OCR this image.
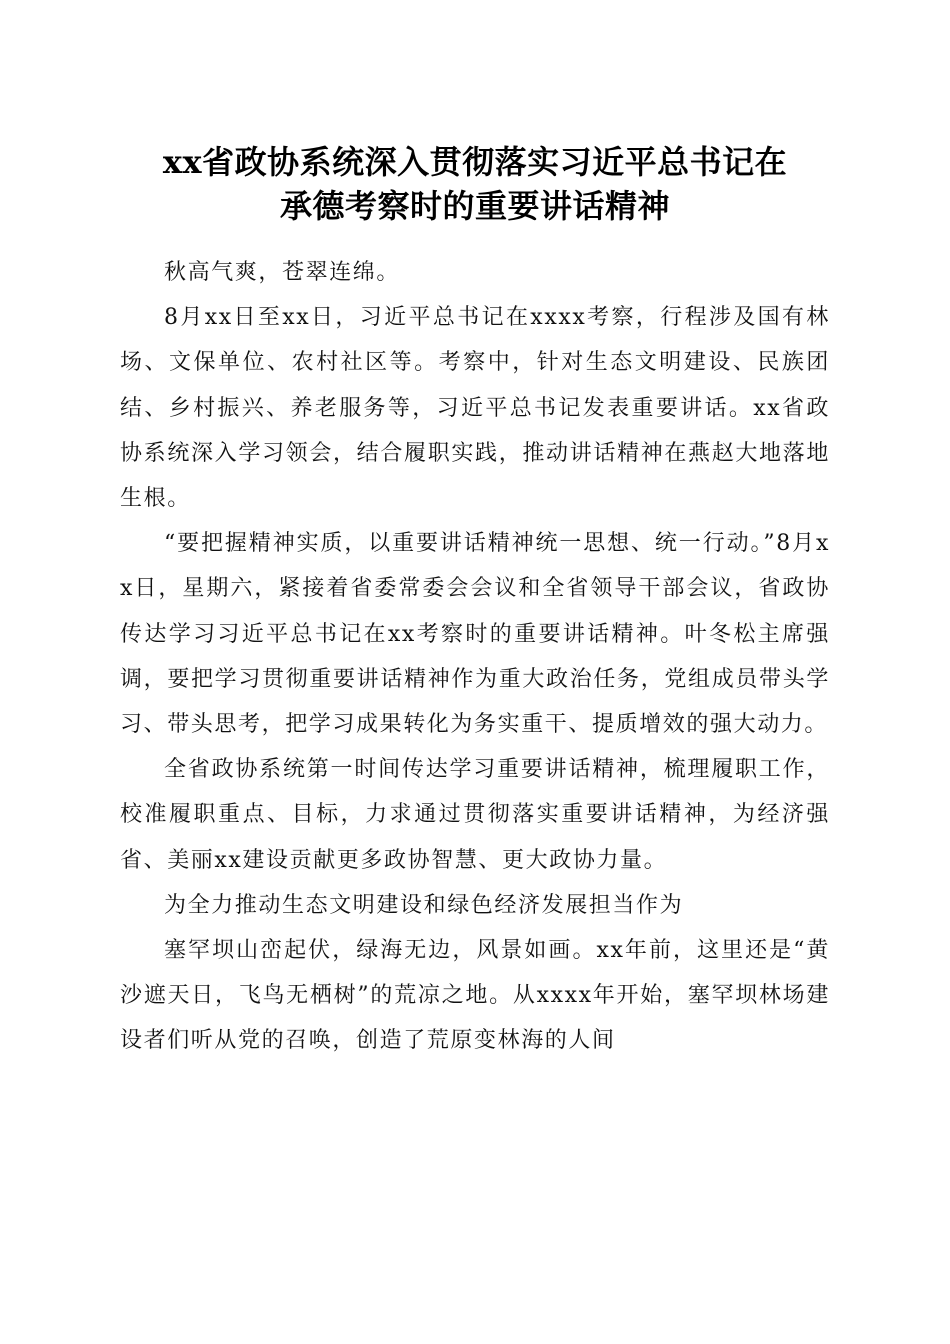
xx省政协系统深入贯彻落实习近平总书记在
承德考察时的重要讲话精神

秋高气爽，苍翠连绵。

8月xx日至xx日，习近平总书记在xxxx考察，行程涉及国有林场、文保单位、农村社区等。考察中，针对生态文明建设、民族团结、乡村振兴、养老服务等，习近平总书记发表重要讲话。xx省政协系统深入学习领会，结合履职实践，推动讲话精神在燕赵大地落地生根。

“要把握精神实质，以重要讲话精神统一思想、统一行动。”8月xx日，星期六，紧接着省委常委会会议和全省领导干部会议，省政协传达学习习近平总书记在xx考察时的重要讲话精神。叶冬松主席强调，要把学习贯彻重要讲话精神作为重大政治任务，党组成员带头学习、带头思考，把学习成果转化为务实重干、提质增效的强大动力。

全省政协系统第一时间传达学习重要讲话精神，梳理履职工作，校准履职重点、目标，力求通过贯彻落实重要讲话精神，为经济强省、美丽xx建设贡献更多政协智慧、更大政协力量。

为全力推动生态文明建设和绿色经济发展担当作为

塞罕坝山峦起伏，绿海无边，风景如画。xx年前，这里还是“黄沙遮天日，飞鸟无栖树”的荒凉之地。从xxxx年开始，塞罕坝林场建设者们听从党的召唤，创造了荒原变林海的人间
